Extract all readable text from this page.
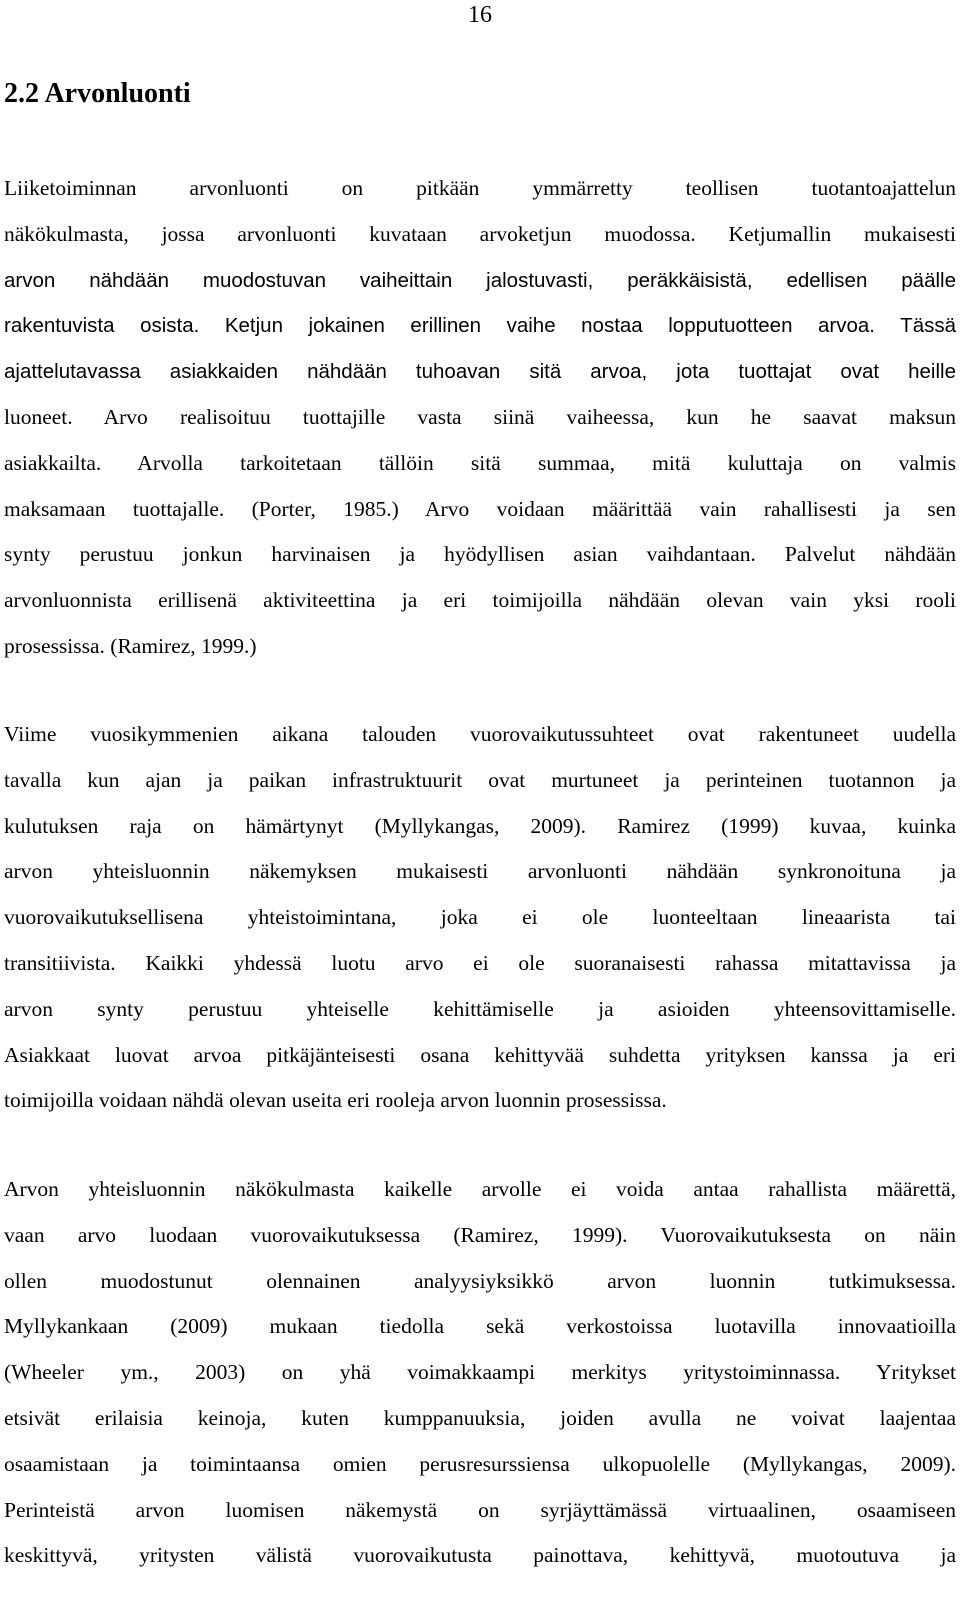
16
2.2 Arvonluonti

Liiketoiminnan arvonluonti on pitkään ymmärretty teollisen tuotantoajattelun
näkökulmasta, jossa arvonluonti kuvataan arvoketjun muodossa. Ketjumallin mukaisesti
arvon nähdään muodostuvan vaiheittain jalostuvasti, peräkkäisistä, edellisen päälle
rakentuvista osista. Ketjun jokainen erillinen vaihe nostaa lopputuotteen arvoa. Tässä
ajattelutavassa asiakkaiden nähdään tuhoavan sitä arvoa, jota tuottajat ovat heille
luoneet. Arvo realisoituu tuottajille vasta siinä vaiheessa, kun he saavat maksun
asiakkailta. Arvolla tarkoitetaan tällöin sitä summaa, mitä kuluttaja on valmis
maksamaan tuottajalle. (Porter, 1985.) Arvo voidaan määrittää vain rahallisesti ja sen
synty perustuu jonkun harvinaisen ja hyödyllisen asian vaihdantaan. Palvelut nähdään
arvonluonnista erillisenä aktiviteettina ja eri toimijoilla nähdään olevan vain yksi rooli
prosessissa. (Ramirez, 1999.)

Viime vuosikymmenien aikana talouden vuorovaikutussuhteet ovat rakentuneet uudella
tavalla kun ajan ja paikan infrastruktuurit ovat murtuneet ja perinteinen tuotannon ja
kulutuksen raja on hämärtynyt (Myllykangas, 2009). Ramirez (1999) kuvaa, kuinka
arvon yhteisluonnin näkemyksen mukaisesti arvonluonti nähdään synkronoituna ja
vuorovaikutuksellisena yhteistoimintana, joka ei ole luonteeltaan lineaarista tai
transitiivista. Kaikki yhdessä luotu arvo ei ole suoranaisesti rahassa mitattavissa ja
arvon synty perustuu yhteiselle kehittämiselle ja asioiden yhteensovittamiselle.
Asiakkaat luovat arvoa pitkäjänteisesti osana kehittyvää suhdetta yrityksen kanssa ja eri
toimijoilla voidaan nähdä olevan useita eri rooleja arvon luonnin prosessissa.

Arvon yhteisluonnin näkökulmasta kaikelle arvolle ei voida antaa rahallista määrettä,
vaan arvo luodaan vuorovaikutuksessa (Ramirez, 1999). Vuorovaikutuksesta on näin
ollen muodostunut olennainen analyysiyksikkö arvon luonnin tutkimuksessa.
Myllykankaan (2009) mukaan tiedolla sekä verkostoissa luotavilla innovaatioilla
(Wheeler ym., 2003) on yhä voimakkaampi merkitys yritystoiminnassa. Yritykset
etsivät erilaisia keinoja, kuten kumppanuuksia, joiden avulla ne voivat laajentaa
osaamistaan ja toimintaansa omien perusresurssiensa ulkopuolelle (Myllykangas, 2009).
Perinteistä arvon luomisen näkemystä on syrjäyttämässä virtuaalinen, osaamiseen
keskittyvä, yritysten välistä vuorovaikutusta painottava, kehittyvä, muotoutuva ja
